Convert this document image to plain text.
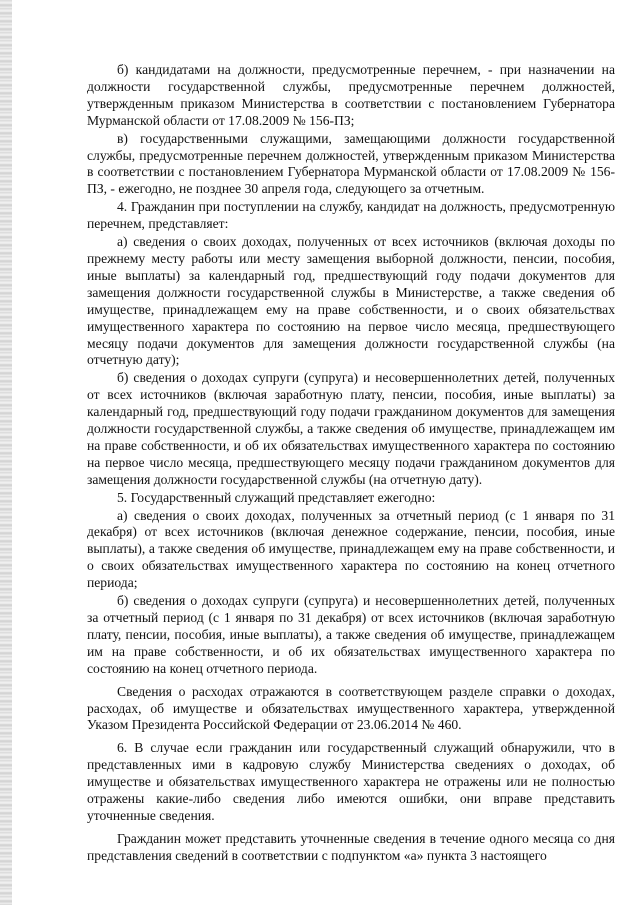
б) кандидатами на должности, предусмотренные перечнем, - при назначении на должности государственной службы, предусмотренные перечнем должностей, утвержденным приказом Министерства в соответствии с постановлением Губернатора Мурманской области от 17.08.2009 № 156-ПЗ;

в) государственными служащими, замещающими должности государственной службы, предусмотренные перечнем должностей, утвержденным приказом Министерства в соответствии с постановлением Губернатора Мурманской области от 17.08.2009 № 156-ПЗ, - ежегодно, не позднее 30 апреля года, следующего за отчетным.

4. Гражданин при поступлении на службу, кандидат на должность, предусмотренную перечнем, представляет:

а) сведения о своих доходах, полученных от всех источников (включая доходы по прежнему месту работы или месту замещения выборной должности, пенсии, пособия, иные выплаты) за календарный год, предшествующий году подачи документов для замещения должности государственной службы в Министерстве, а также сведения об имуществе, принадлежащем ему на праве собственности, и о своих обязательствах имущественного характера по состоянию на первое число месяца, предшествующего месяцу подачи документов для замещения должности государственной службы (на отчетную дату);

б) сведения о доходах супруги (супруга) и несовершеннолетних детей, полученных от всех источников (включая заработную плату, пенсии, пособия, иные выплаты) за календарный год, предшествующий году подачи гражданином документов для замещения должности государственной службы, а также сведения об имуществе, принадлежащем им на праве собственности, и об их обязательствах имущественного характера по состоянию на первое число месяца, предшествующего месяцу подачи гражданином документов для замещения должности государственной службы (на отчетную дату).

5. Государственный служащий представляет ежегодно:

а) сведения о своих доходах, полученных за отчетный период (с 1 января по 31 декабря) от всех источников (включая денежное содержание, пенсии, пособия, иные выплаты), а также сведения об имуществе, принадлежащем ему на праве собственности, и о своих обязательствах имущественного характера по состоянию на конец отчетного периода;

б) сведения о доходах супруги (супруга) и несовершеннолетних детей, полученных за отчетный период (с 1 января по 31 декабря) от всех источников (включая заработную плату, пенсии, пособия, иные выплаты), а также сведения об имуществе, принадлежащем им на праве собственности, и об их обязательствах имущественного характера по состоянию на конец отчетного периода.

Сведения о расходах отражаются в соответствующем разделе справки о доходах, расходах, об имуществе и обязательствах имущественного характера, утвержденной Указом Президента Российской Федерации от 23.06.2014 № 460.

6. В случае если гражданин или государственный служащий обнаружили, что в представленных ими в кадровую службу Министерства сведениях о доходах, об имуществе и обязательствах имущественного характера не отражены или не полностью отражены какие-либо сведения либо имеются ошибки, они вправе представить уточненные сведения.

Гражданин может представить уточненные сведения в течение одного месяца со дня представления сведений в соответствии с подпунктом «а» пункта 3 настоящего
